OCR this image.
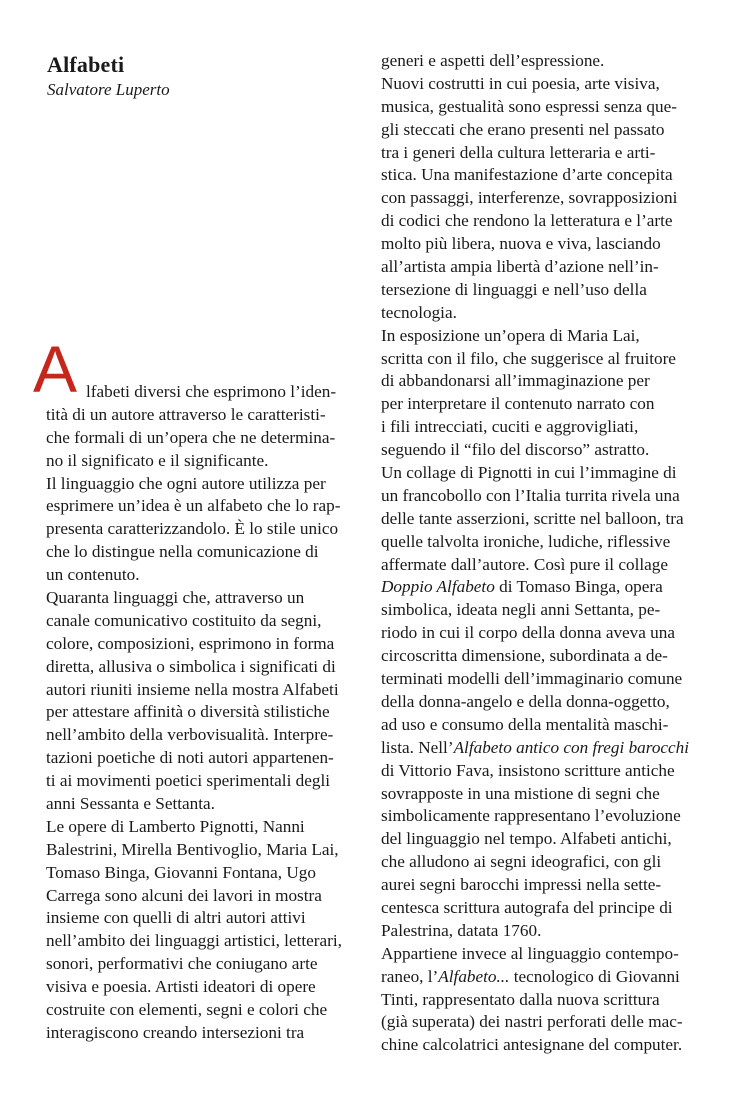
Alfabeti
Salvatore Luperto
A lfabeti diversi che esprimono l’iden-
tità di un autore attraverso le caratteristi-
che formali di un’opera che ne determina-
no il significato e il significante.
Il linguaggio che ogni autore utilizza per
esprimere un’idea è un alfabeto che lo rap-
presenta caratterizzandolo. È lo stile unico
che lo distingue nella comunicazione di
un contenuto.
Quaranta linguaggi che, attraverso un
canale comunicativo costituito da segni,
colore, composizioni, esprimono in forma
diretta, allusiva o simbolica i significati di
autori riuniti insieme nella mostra Alfabeti
per attestare affinità o diversità stilistiche
nell’ambito della verbovisualità. Interpre-
tazioni poetiche di noti autori appartenen-
ti ai movimenti poetici sperimentali degli
anni Sessanta e Settanta.
Le opere di Lamberto Pignotti, Nanni
Balestrini, Mirella Bentivoglio, Maria Lai,
Tomaso Binga, Giovanni Fontana, Ugo
Carrega sono alcuni dei lavori in mostra
insieme con quelli di altri autori attivi
nell’ambito dei linguaggi artistici, letterari,
sonori, performativi che coniugano arte
visiva e poesia. Artisti ideatori di opere
costruite con elementi, segni e colori che
interagiscono creando intersezioni tra
generi e aspetti dell’espressione.
Nuovi costrutti in cui poesia, arte visiva,
musica, gestualità sono espressi senza que-
gli steccati che erano presenti nel passato
tra i generi della cultura letteraria e arti-
stica. Una manifestazione d’arte concepita
con passaggi, interferenze, sovrapposizioni
di codici che rendono la letteratura e l’arte
molto più libera, nuova e viva, lasciando
all’artista ampia libertà d’azione nell’in-
tersezione di linguaggi e nell’uso della
tecnologia.
In esposizione un’opera di Maria Lai,
scritta con il filo, che suggerisce al fruitore
di abbandonarsi all’immaginazione per
per interpretare il contenuto narrato con
i fili intrecciati, cuciti e aggrovigliati,
seguendo il “filo del discorso” astratto.
Un collage di Pignotti in cui l’immagine di
un francobollo con l’Italia turrita rivela una
delle tante asserzioni, scritte nel balloon, tra
quelle talvolta ironiche, ludiche, riflessive
affermate dall’autore. Così pure il collage
Doppio Alfabeto di Tomaso Binga, opera
simbolica, ideata negli anni Settanta, pe-
riodo in cui il corpo della donna aveva una
circoscritta dimensione, subordinata a de-
terminati modelli dell’immaginario comune
della donna-angelo e della donna-oggetto,
ad uso e consumo della mentalità maschi-
lista. Nell’Alfabeto antico con fregi barocchi
di Vittorio Fava, insistono scritture antiche
sovrapposte in una mistione di segni che
simbolicamente rappresentano l’evoluzione
del linguaggio nel tempo. Alfabeti antichi,
che alludono ai segni ideografici, con gli
aurei segni barocchi impressi nella sette-
centesca scrittura autografa del principe di
Palestrina, datata 1760.
Appartiene invece al linguaggio contempo-
raneo, l’Alfabeto... tecnologico di Giovanni
Tinti, rappresentato dalla nuova scrittura
(già superata) dei nastri perforati delle mac-
chine calcolatrici antesignane del computer.
